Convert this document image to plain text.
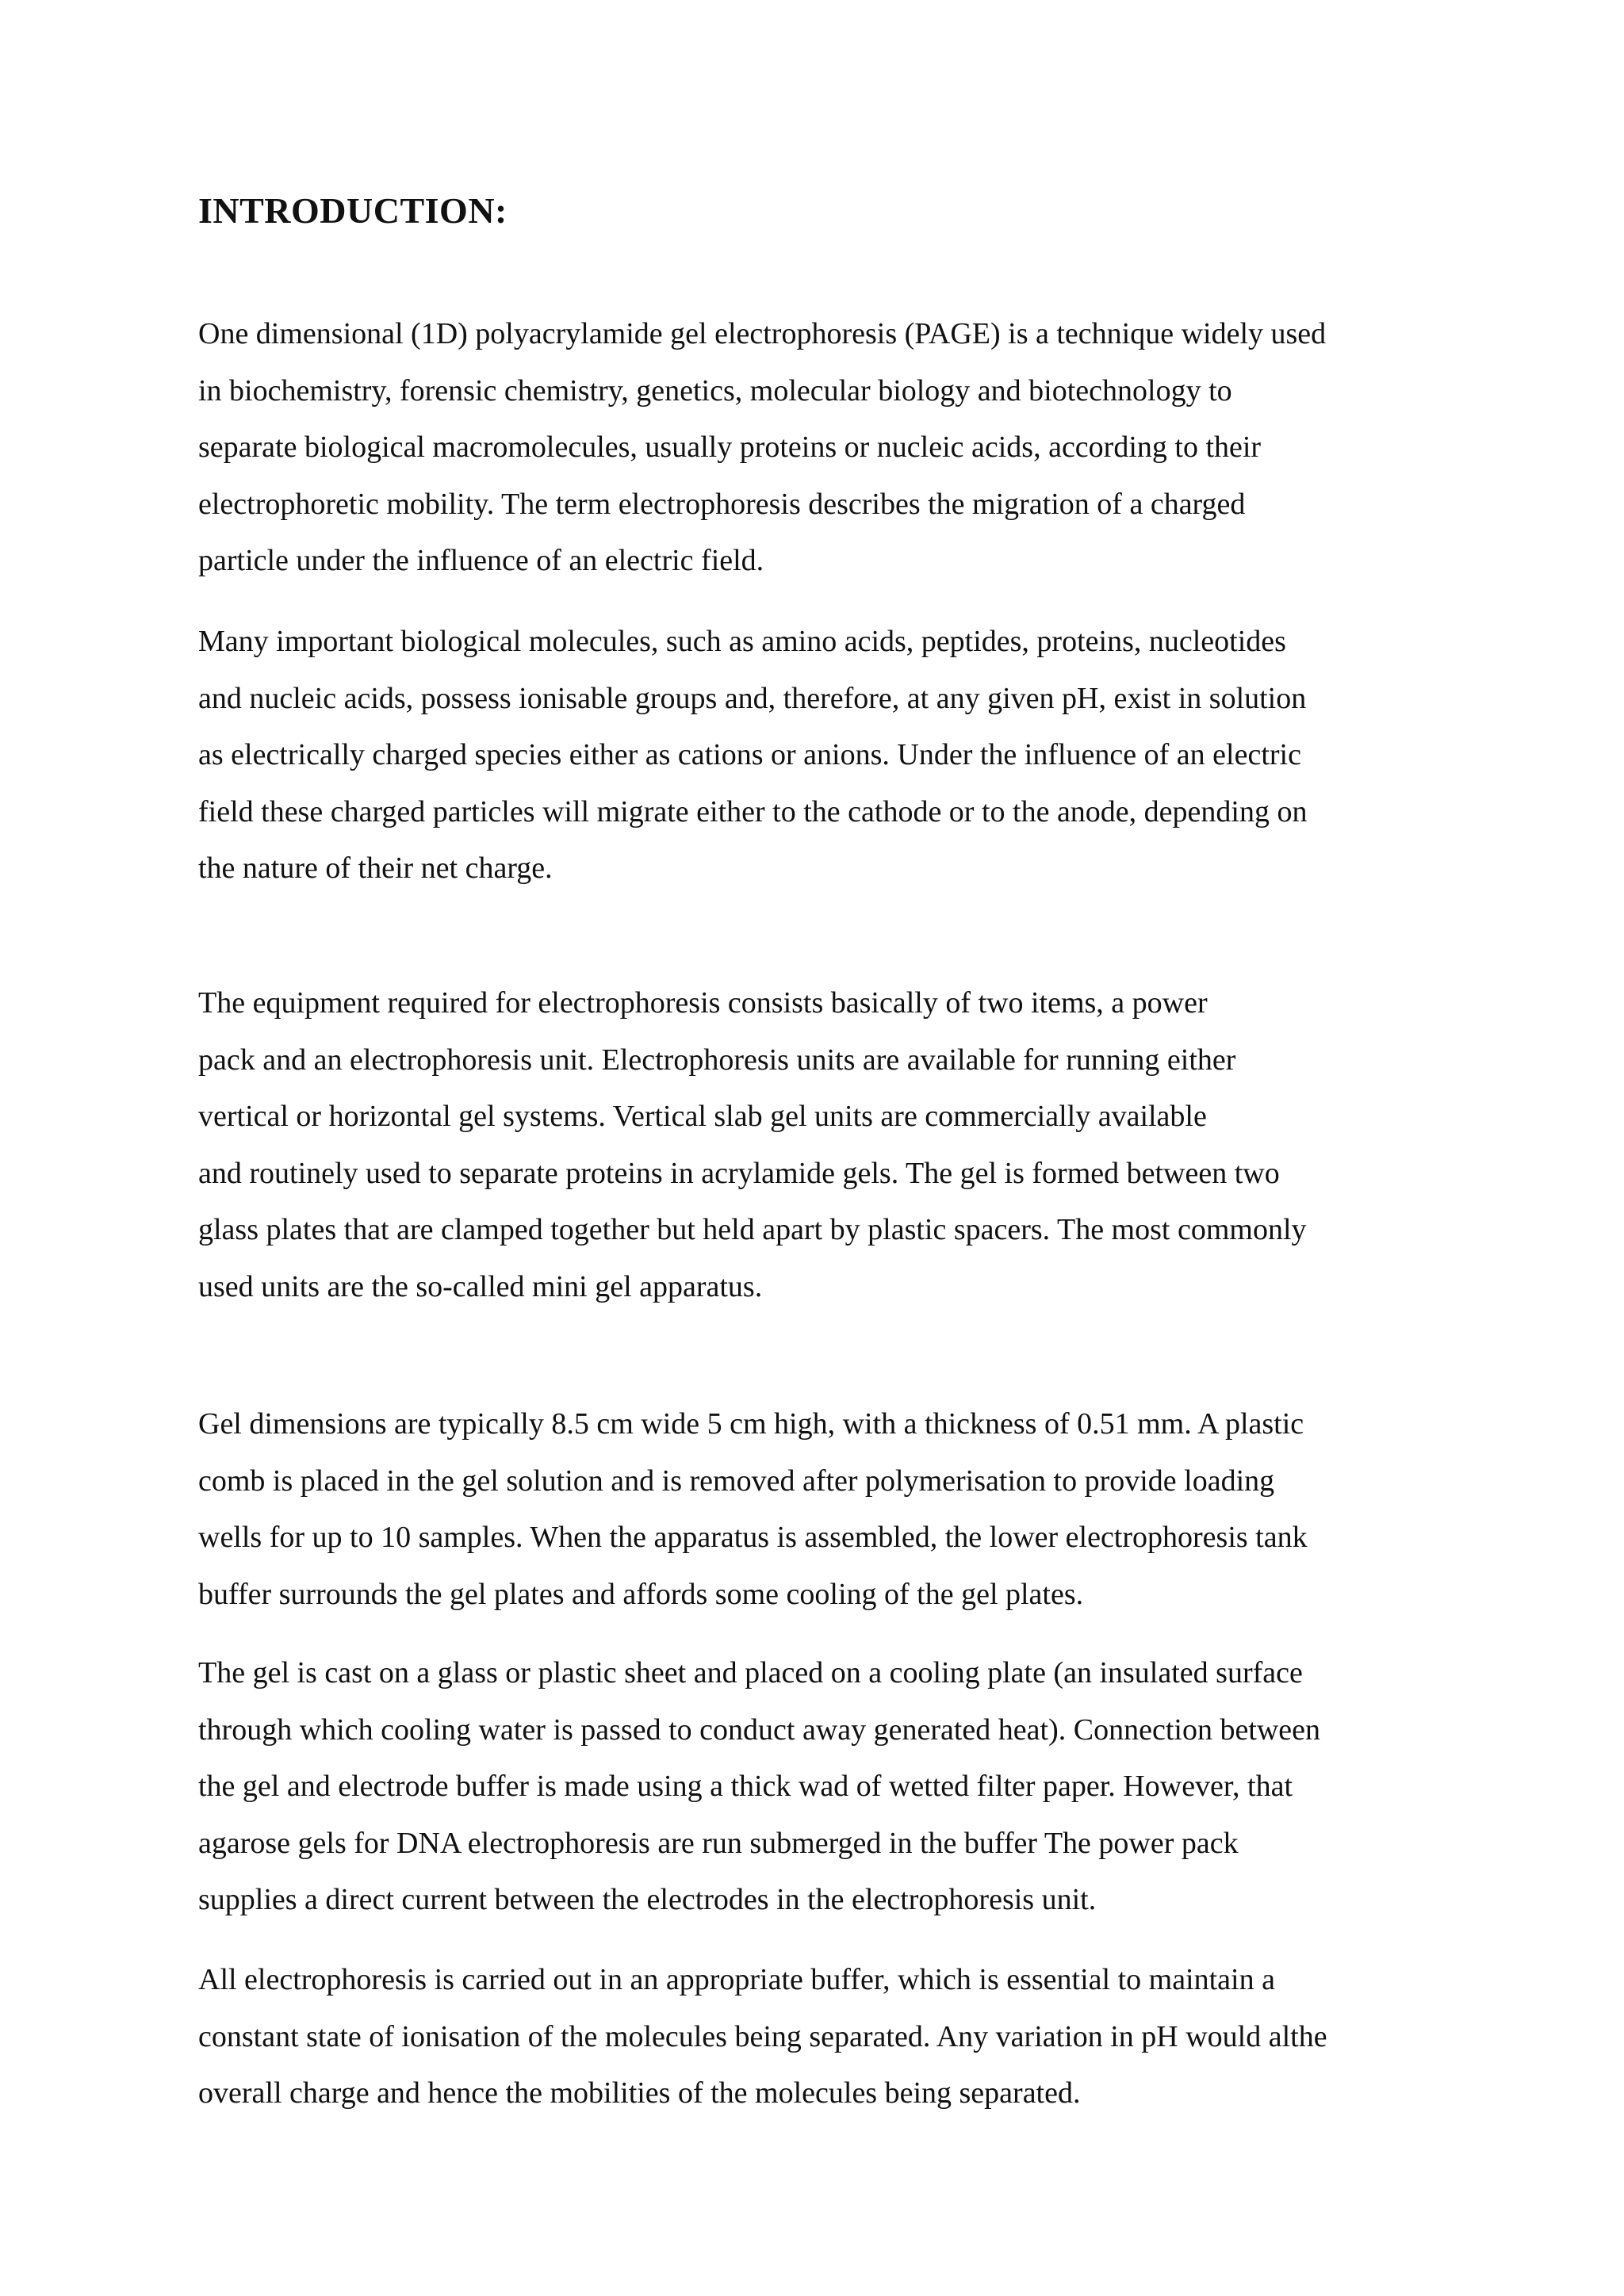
INTRODUCTION:

One dimensional (1D) polyacrylamide gel electrophoresis (PAGE) is a technique widely used
in biochemistry, forensic chemistry, genetics, molecular biology and biotechnology to
separate biological macromolecules, usually proteins or nucleic acids, according to their
electrophoretic mobility. The term electrophoresis describes the migration of a charged
particle under the influence of an electric field.

Many important biological molecules, such as amino acids, peptides, proteins, nucleotides
and nucleic acids, possess ionisable groups and, therefore, at any given pH, exist in solution
as electrically charged species either as cations or anions. Under the influence of an electric
field these charged particles will migrate either to the cathode or to the anode, depending on
the nature of their net charge.

The equipment required for electrophoresis consists basically of two items, a power
pack and an electrophoresis unit. Electrophoresis units are available for running either
vertical or horizontal gel systems. Vertical slab gel units are commercially available
and routinely used to separate proteins in acrylamide gels. The gel is formed between two
glass plates that are clamped together but held apart by plastic spacers. The most commonly
used units are the so-called mini gel apparatus.

Gel dimensions are typically 8.5 cm wide 5 cm high, with a thickness of 0.51 mm. A plastic
comb is placed in the gel solution and is removed after polymerisation to provide loading
wells for up to 10 samples. When the apparatus is assembled, the lower electrophoresis tank
buffer surrounds the gel plates and affords some cooling of the gel plates.

The gel is cast on a glass or plastic sheet and placed on a cooling plate (an insulated surface
through which cooling water is passed to conduct away generated heat). Connection between
the gel and electrode buffer is made using a thick wad of wetted filter paper. However, that
agarose gels for DNA electrophoresis are run submerged in the buffer The power pack
supplies a direct current between the electrodes in the electrophoresis unit.

All electrophoresis is carried out in an appropriate buffer, which is essential to maintain a
constant state of ionisation of the molecules being separated. Any variation in pH would althe
overall charge and hence the mobilities of the molecules being separated.
